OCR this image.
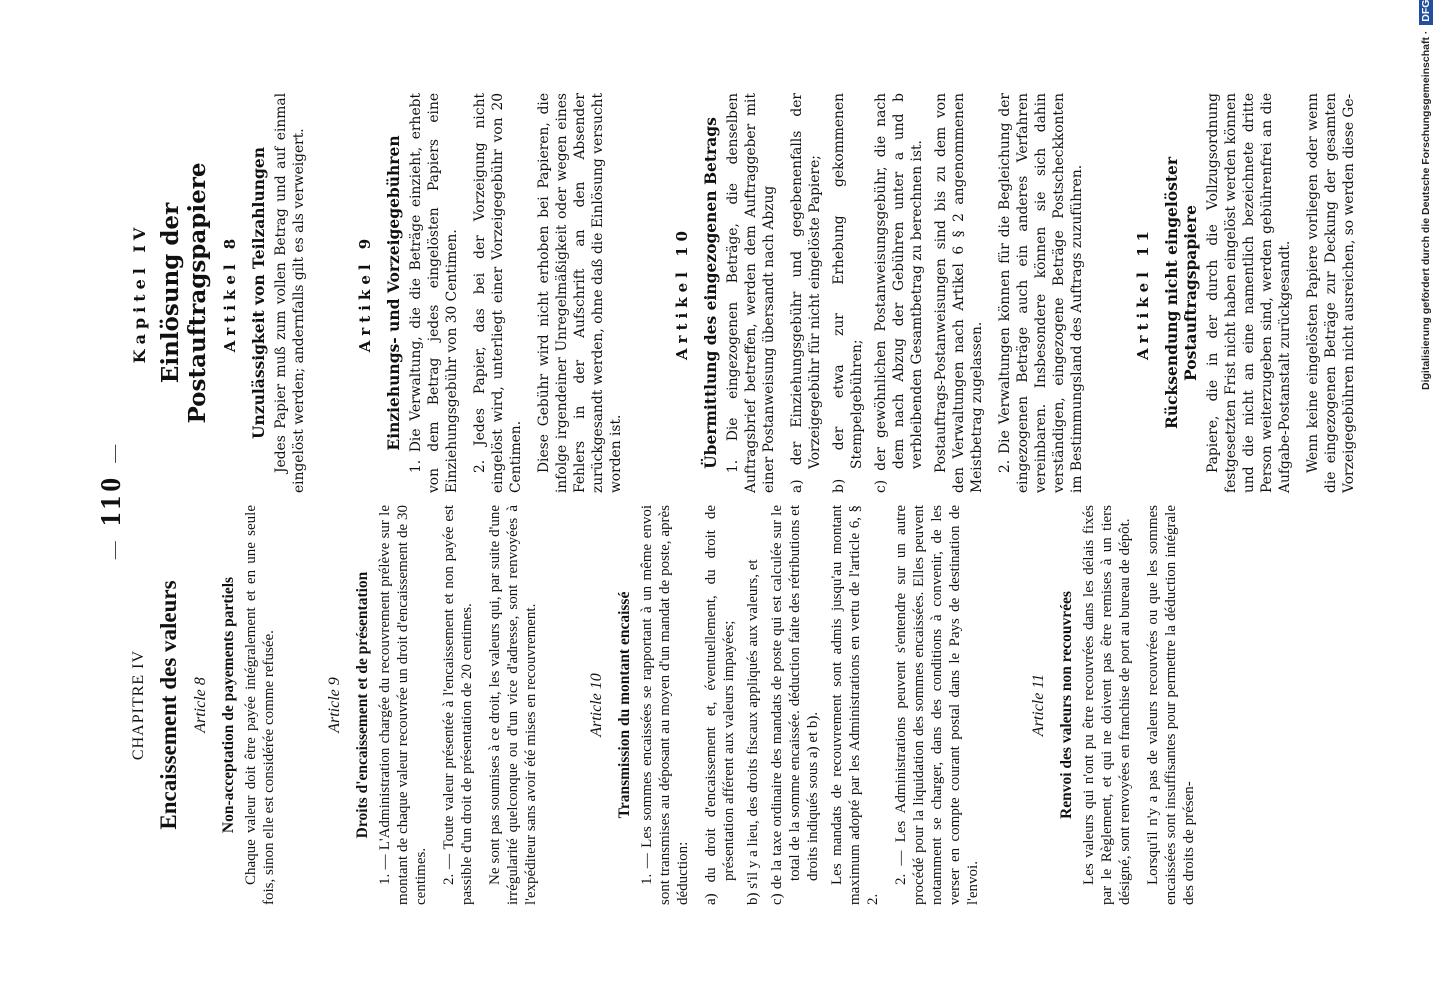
— 110 —
CHAPITRE IV Encaissement des valeurs Article 8 Non-acceptation de payements partiels Chaque valeur doit être payée intégralement et en une seule fois, sinon elle est considérée comme refusée.	Article 9 Droits d'encaissement et de présentation 1. — L'Administration chargée du recouvrement prélève sur le montant de chaque valeur recouvrée un droit d'encaissement de 30 centimes. 2. — Toute valeur présentée à l'encaissement et non payée est passible d'un droit de présentation de 20 centimes. Ne sont pas soumises à ce droit, les valeurs qui, par suite d'une irrégularité quelconque ou d'un vice d'adresse, sont renvoyées à l'expéditeur sans avoir été mises en recouvrement.	Article 10 Transmission du montant encaissé 1. — Les sommes encaissées se rapportant à un même envoi sont transmises au déposant au moyen d'un mandat de poste, après déduction: a) du droit d'encaissement et, éventuellement, du droit de présentation afférent aux valeurs impayées; b) s'il y a lieu, des droits fiscaux appliqués aux valeurs, et c) de la taxe ordinaire des mandats de poste qui est calculée sur le total de la somme encaissée. déduction faite des rétributions et droits indiqués sous a) et b). Les mandats de recouvrement sont admis jusqu'au montant maximum adopté par les Administrations en vertu de l'article 6, § 2.

2. — Les Administrations peuvent s'entendre sur un autre procédé pour la liquidation des sommes encaissées. Elles peuvent notamment se charger, dans des conditions à convenir, de les verser en compte courant postal dans le Pays de destination de l'envoi.

Article 11 Renvoi des valeurs non recouvrées Les valeurs qui n'ont pu être recouvrées dans les délais fixés par le Règlement, et qui ne doivent pas être remises à un tiers désigné, sont renvoyées en franchise de port au bureau de dépôt. Lorsqu'il n'y a pas de valeurs recouvrées ou que les sommes encaissées sont insuffisantes pour permettre la déduction intégrale des droits de présen-

Kapitel IV Einlösung der Postauftragspapiere Artikel 8 Unzulässigkeit von Teilzahlungen Jedes Papier muß zum vollen Betrag und auf einmal eingelöst werden; andernfalls gilt es als verweigert.	Artikel 9 Einziehungs- und Vorzeigegebühren 1. Die Verwaltung, die die Beträge einzieht, erhebt von dem Betrag jedes eingelösten Papiers eine Einziehungsgebühr von 30 Centimen. 2. Jedes Papier, das bei der Vorzeigung nicht eingelöst wird, unterliegt einer Vorzeigegebühr von 20 Centimen. Diese Gebühr wird nicht erhoben bei Papieren, die infolge irgendeiner Unregelmäßigkeit oder wegen eines Fehlers in der Aufschrift an den Absender zurückgesandt werden, ohne daß die Einlösung versucht worden ist.

Artikel 10 Übermittlung des eingezogenen Betrags 1. Die eingezogenen Beträge, die denselben Auftragsbrief betreffen, werden dem Auftraggeber mit einer Postanweisung übersandt nach Abzug a) der Einziehungsgebühr und gegebenenfalls der Vorzeigegebühr für nicht eingelöste Papiere; b) der etwa zur Erhebung gekommenen Stempelgebühren; c) der gewöhnlichen Postanweisungsgebühr, die nach dem nach Abzug der Gebühren unter a und b verbleibenden Gesamtbetrag zu berechnen ist. Postauftrags-Postanweisungen sind bis zu dem von den Verwaltungen nach Artikel 6 § 2 angenommenen Meistbetrag zugelassen. 2. Die Verwaltungen können für die Begleichung der eingezogenen Beträge auch ein anderes Verfahren vereinbaren. Insbesondere können sie sich dahin verständigen, eingezogene Beträge Postscheckkonten im Bestimmungsland des Auftrags zuzuführen.	Artikel 11 Rücksendung nicht eingelöster Postauftragspapiere Papiere, die in der durch die Vollzugsordnung festgesetzten Frist nicht haben eingelöst werden können und die nicht an eine namentlich bezeichnete dritte Person weiterzugeben sind, werden gebührenfrei an die Aufgabe-Postanstalt zurückgesandt. Wenn keine eingelösten Papiere vorliegen oder wenn die eingezogenen Beträge zur Deckung der gesamten Vorzeigegebühren nicht ausreichen, so werden diese Ge-	Digitalisierung gefördert durch die Deutsche Forschungsgemeinschaft · DFG
